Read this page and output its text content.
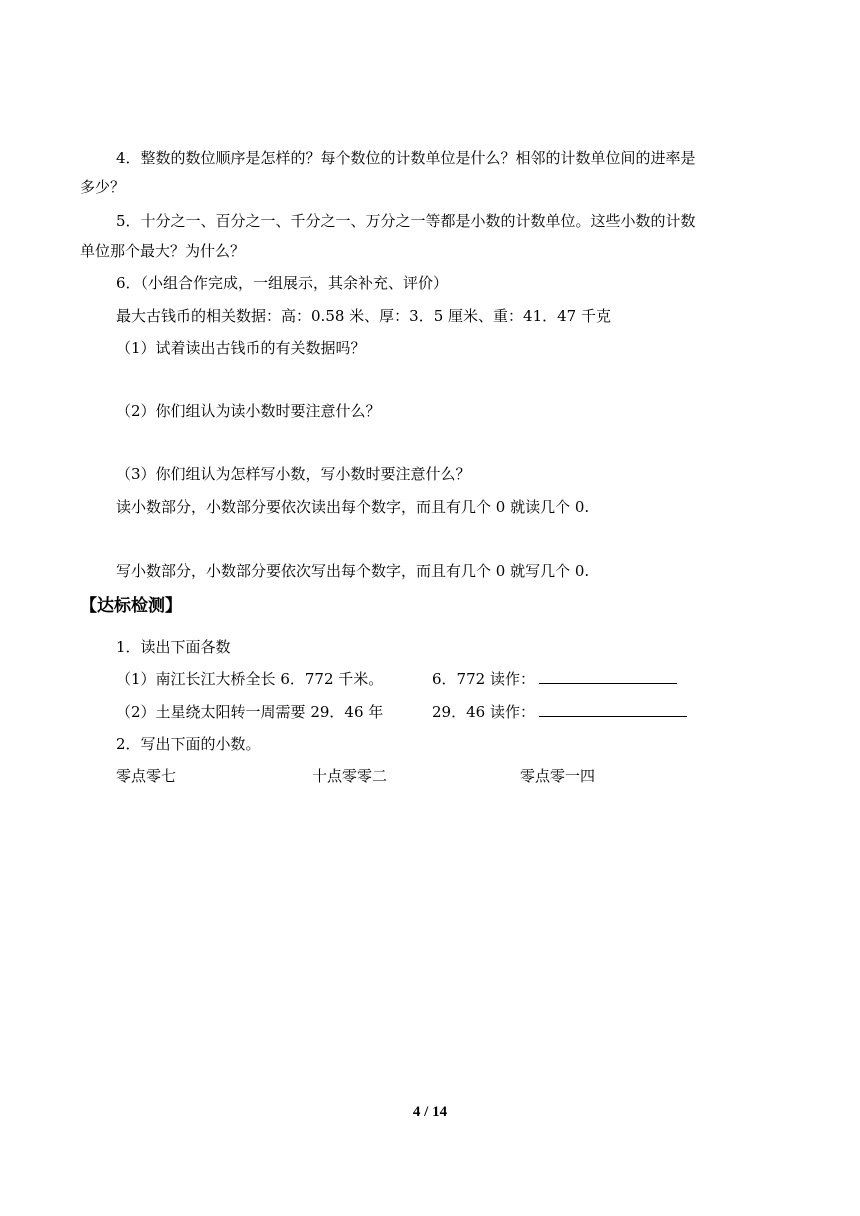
4．整数的数位顺序是怎样的？每个数位的计数单位是什么？相邻的计数单位间的进率是
多少？
5．十分之一、百分之一、千分之一、万分之一等都是小数的计数单位。这些小数的计数
单位那个最大？为什么？
6．（小组合作完成，一组展示，其余补充、评价）
最大古钱币的相关数据：高：0.58 米、厚：3．5 厘米、重：41．47 千克
（1）试着读出古钱币的有关数据吗？
（2）你们组认为读小数时要注意什么？
（3）你们组认为怎样写小数，写小数时要注意什么？
读小数部分，小数部分要依次读出每个数字，而且有几个 0 就读几个 0.
写小数部分，小数部分要依次写出每个数字，而且有几个 0 就写几个 0.
【达标检测】
1．读出下面各数
（1）南江长江大桥全长 6．772 千米。	6．772 读作：
（2）土星绕太阳转一周需要 29．46 年	29．46 读作：
2．写出下面的小数。
零点零七	十点零零二	零点零一四
4 / 14
